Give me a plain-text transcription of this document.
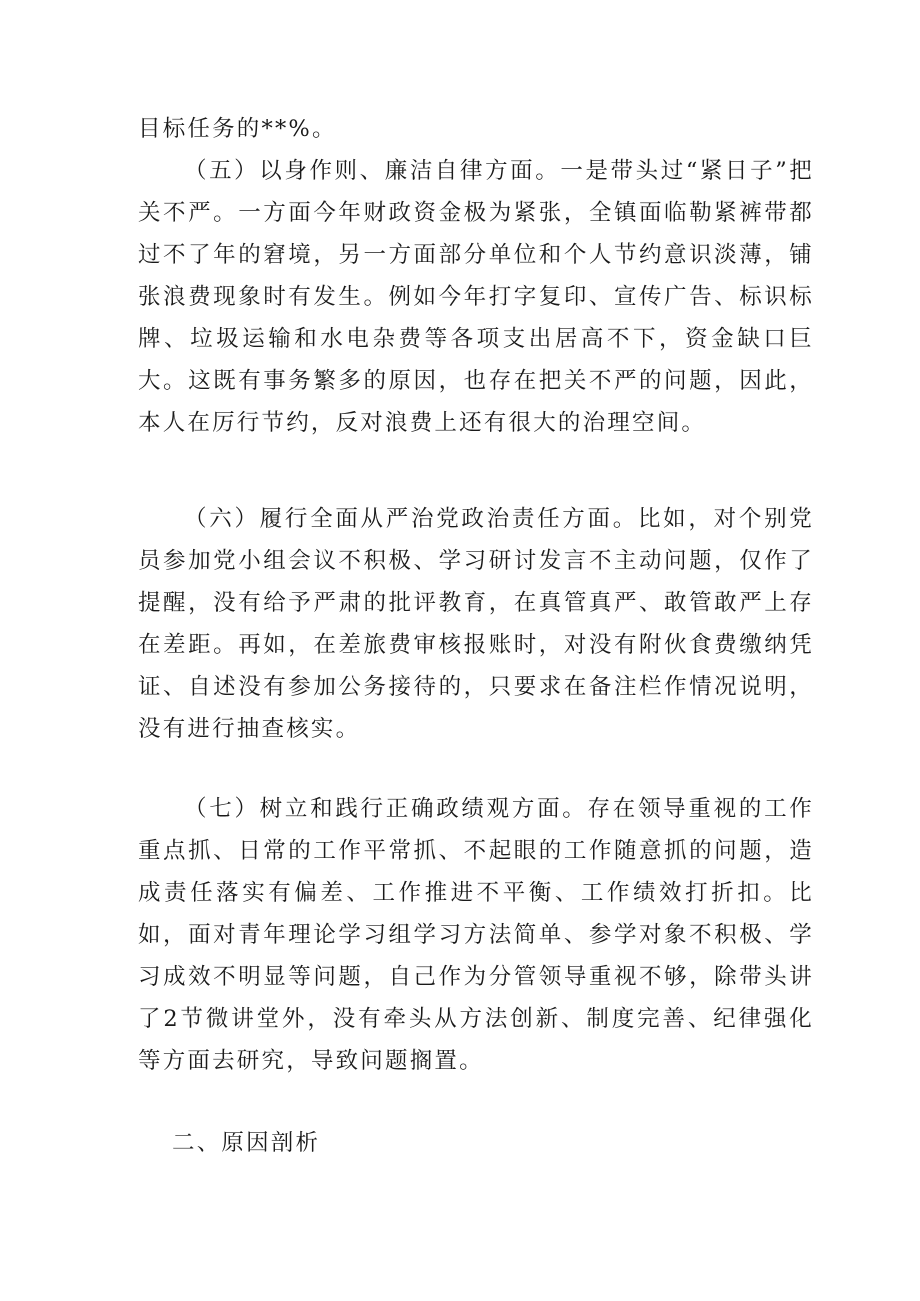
目标任务的**%。

（五）以身作则、廉洁自律方面。一是带头过“紧日子”把关不严。一方面今年财政资金极为紧张，全镇面临勒紧裤带都过不了年的窘境，另一方面部分单位和个人节约意识淡薄，铺张浪费现象时有发生。例如今年打字复印、宣传广告、标识标牌、垃圾运输和水电杂费等各项支出居高不下，资金缺口巨大。这既有事务繁多的原因，也存在把关不严的问题，因此，本人在厉行节约，反对浪费上还有很大的治理空间。

（六）履行全面从严治党政治责任方面。比如，对个别党员参加党小组会议不积极、学习研讨发言不主动问题，仅作了提醒，没有给予严肃的批评教育，在真管真严、敢管敢严上存在差距。再如，在差旅费审核报账时，对没有附伙食费缴纳凭证、自述没有参加公务接待的，只要求在备注栏作情况说明，没有进行抽查核实。

（七）树立和践行正确政绩观方面。存在领导重视的工作重点抓、日常的工作平常抓、不起眼的工作随意抓的问题，造成责任落实有偏差、工作推进不平衡、工作绩效打折扣。比如，面对青年理论学习组学习方法简单、参学对象不积极、学习成效不明显等问题，自己作为分管领导重视不够，除带头讲了2节微讲堂外，没有牵头从方法创新、制度完善、纪律强化等方面去研究，导致问题搁置。

二、原因剖析
